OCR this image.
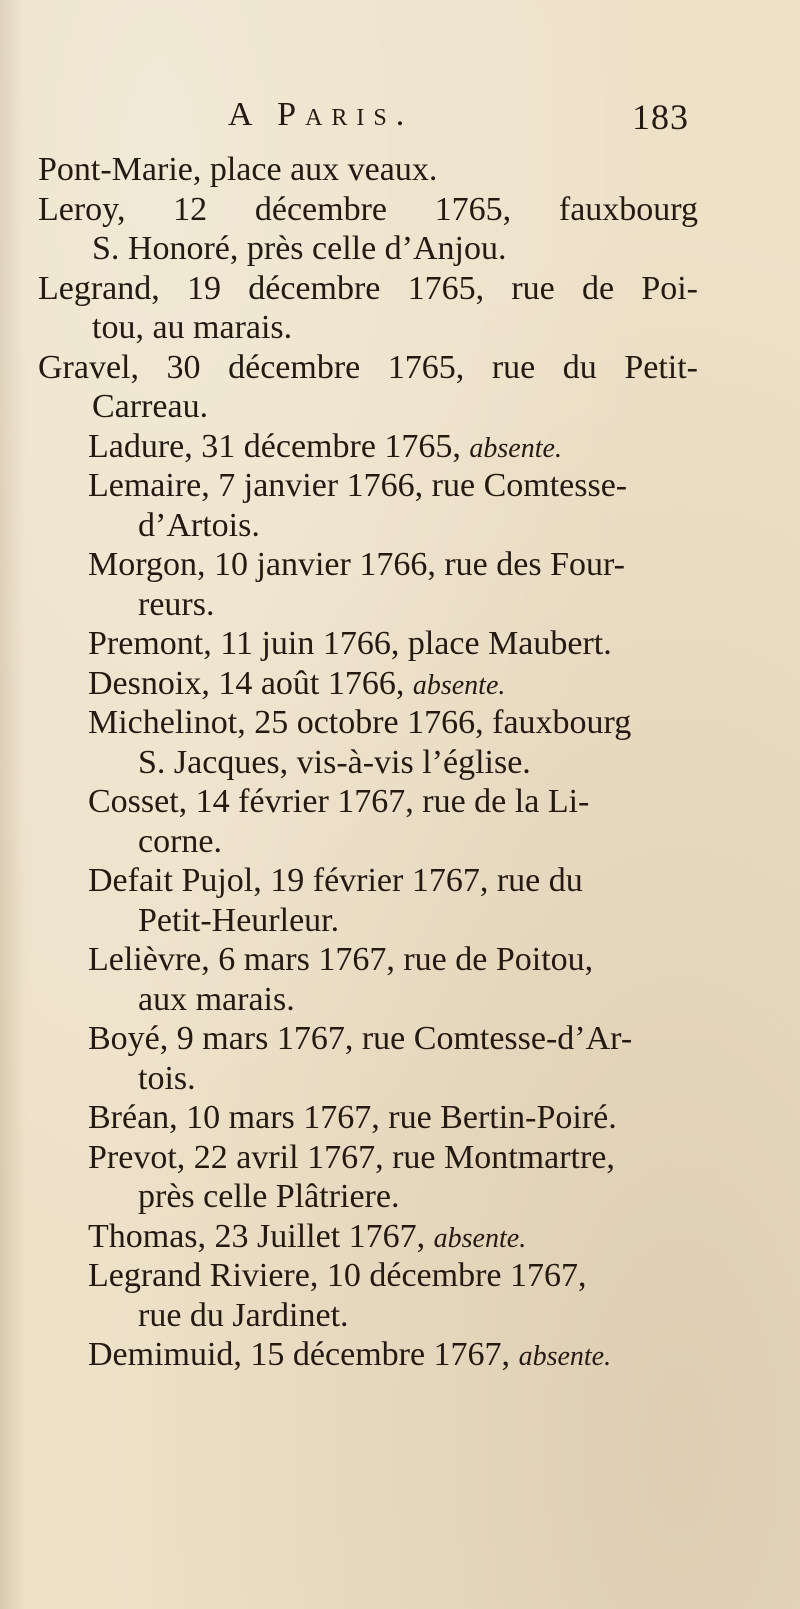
A Paris.	183
Pont-Marie, place aux veaux.
Leroy, 12 décembre 1765, fauxbourg
S. Honoré, près celle d’Anjou.
Legrand, 19 décembre 1765, rue de Poi-
tou, au marais.
Gravel, 30 décembre 1765, rue du Petit-
Carreau.
Ladure, 31 décembre 1765, absente.
Lemaire, 7 janvier 1766, rue Comtesse-
d’Artois.
Morgon, 10 janvier 1766, rue des Four-
reurs.
Premont, 11 juin 1766, place Maubert.
Desnoix, 14 août 1766, absente.
Michelinot, 25 octobre 1766, fauxbourg
S. Jacques, vis-à-vis l’église.
Cosset, 14 février 1767, rue de la Li-
corne.
Defait Pujol, 19 février 1767, rue du
Petit-Heurleur.
Lelièvre, 6 mars 1767, rue de Poitou,
aux marais.
Boyé, 9 mars 1767, rue Comtesse-d’Ar-
tois.
Bréan, 10 mars 1767, rue Bertin-Poiré.
Prevot, 22 avril 1767, rue Montmartre,
près celle Plâtriere.
Thomas, 23 Juillet 1767, absente.
Legrand Riviere, 10 décembre 1767,
rue du Jardinet.
Demimuid, 15 décembre 1767, absente.
